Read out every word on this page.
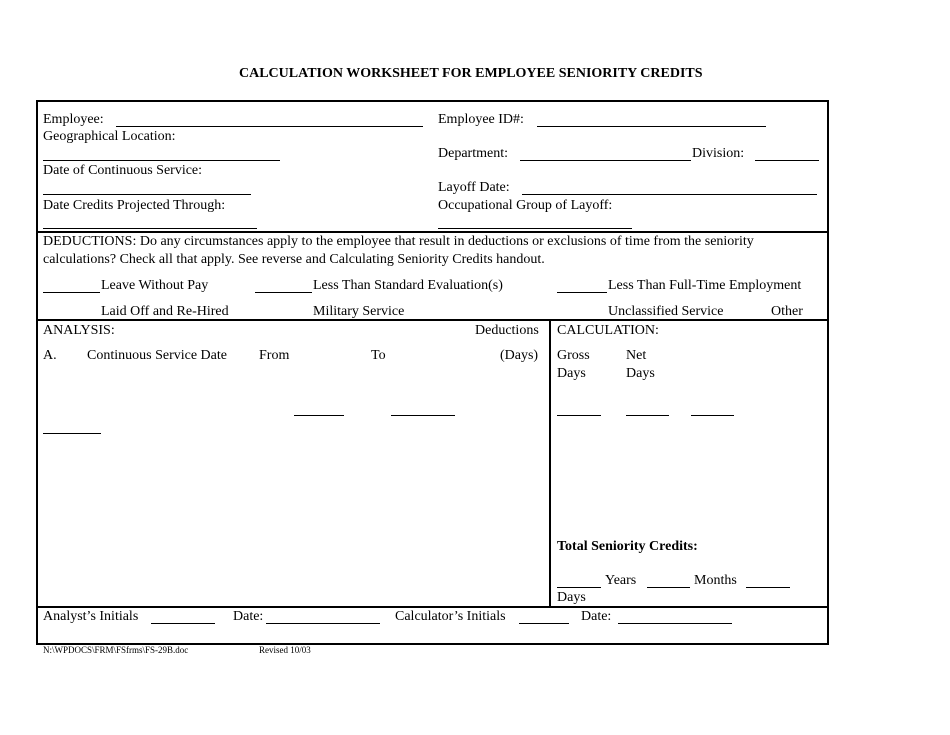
CALCULATION WORKSHEET FOR EMPLOYEE SENIORITY CREDITS
Employee:	Employee ID#:
Geographical Location:
Department:	Division:
Date of Continuous Service:
Layoff Date:
Date Credits Projected Through:	Occupational Group of Layoff:
DEDUCTIONS: Do any circumstances apply to the employee that result in deductions or exclusions of time from the seniority
calculations? Check all that apply. See reverse and Calculating Seniority Credits handout.
Leave Without Pay	Less Than Standard Evaluation(s)	Less Than Full-Time Employment
Laid Off and Re-Hired	Military Service	Unclassified Service	Other
ANALYSIS:	Deductions
A. Continuous Service Date From	To	(Days)
CALCULATION:
Gross	Net
Days	Days
Total Seniority Credits:
Years	Months
Days
Analyst’s Initials	Date:	Calculator’s Initials	Date:
N:\WPDOCS\FRM\FSfrms\FS-29B.doc	Revised 10/03
